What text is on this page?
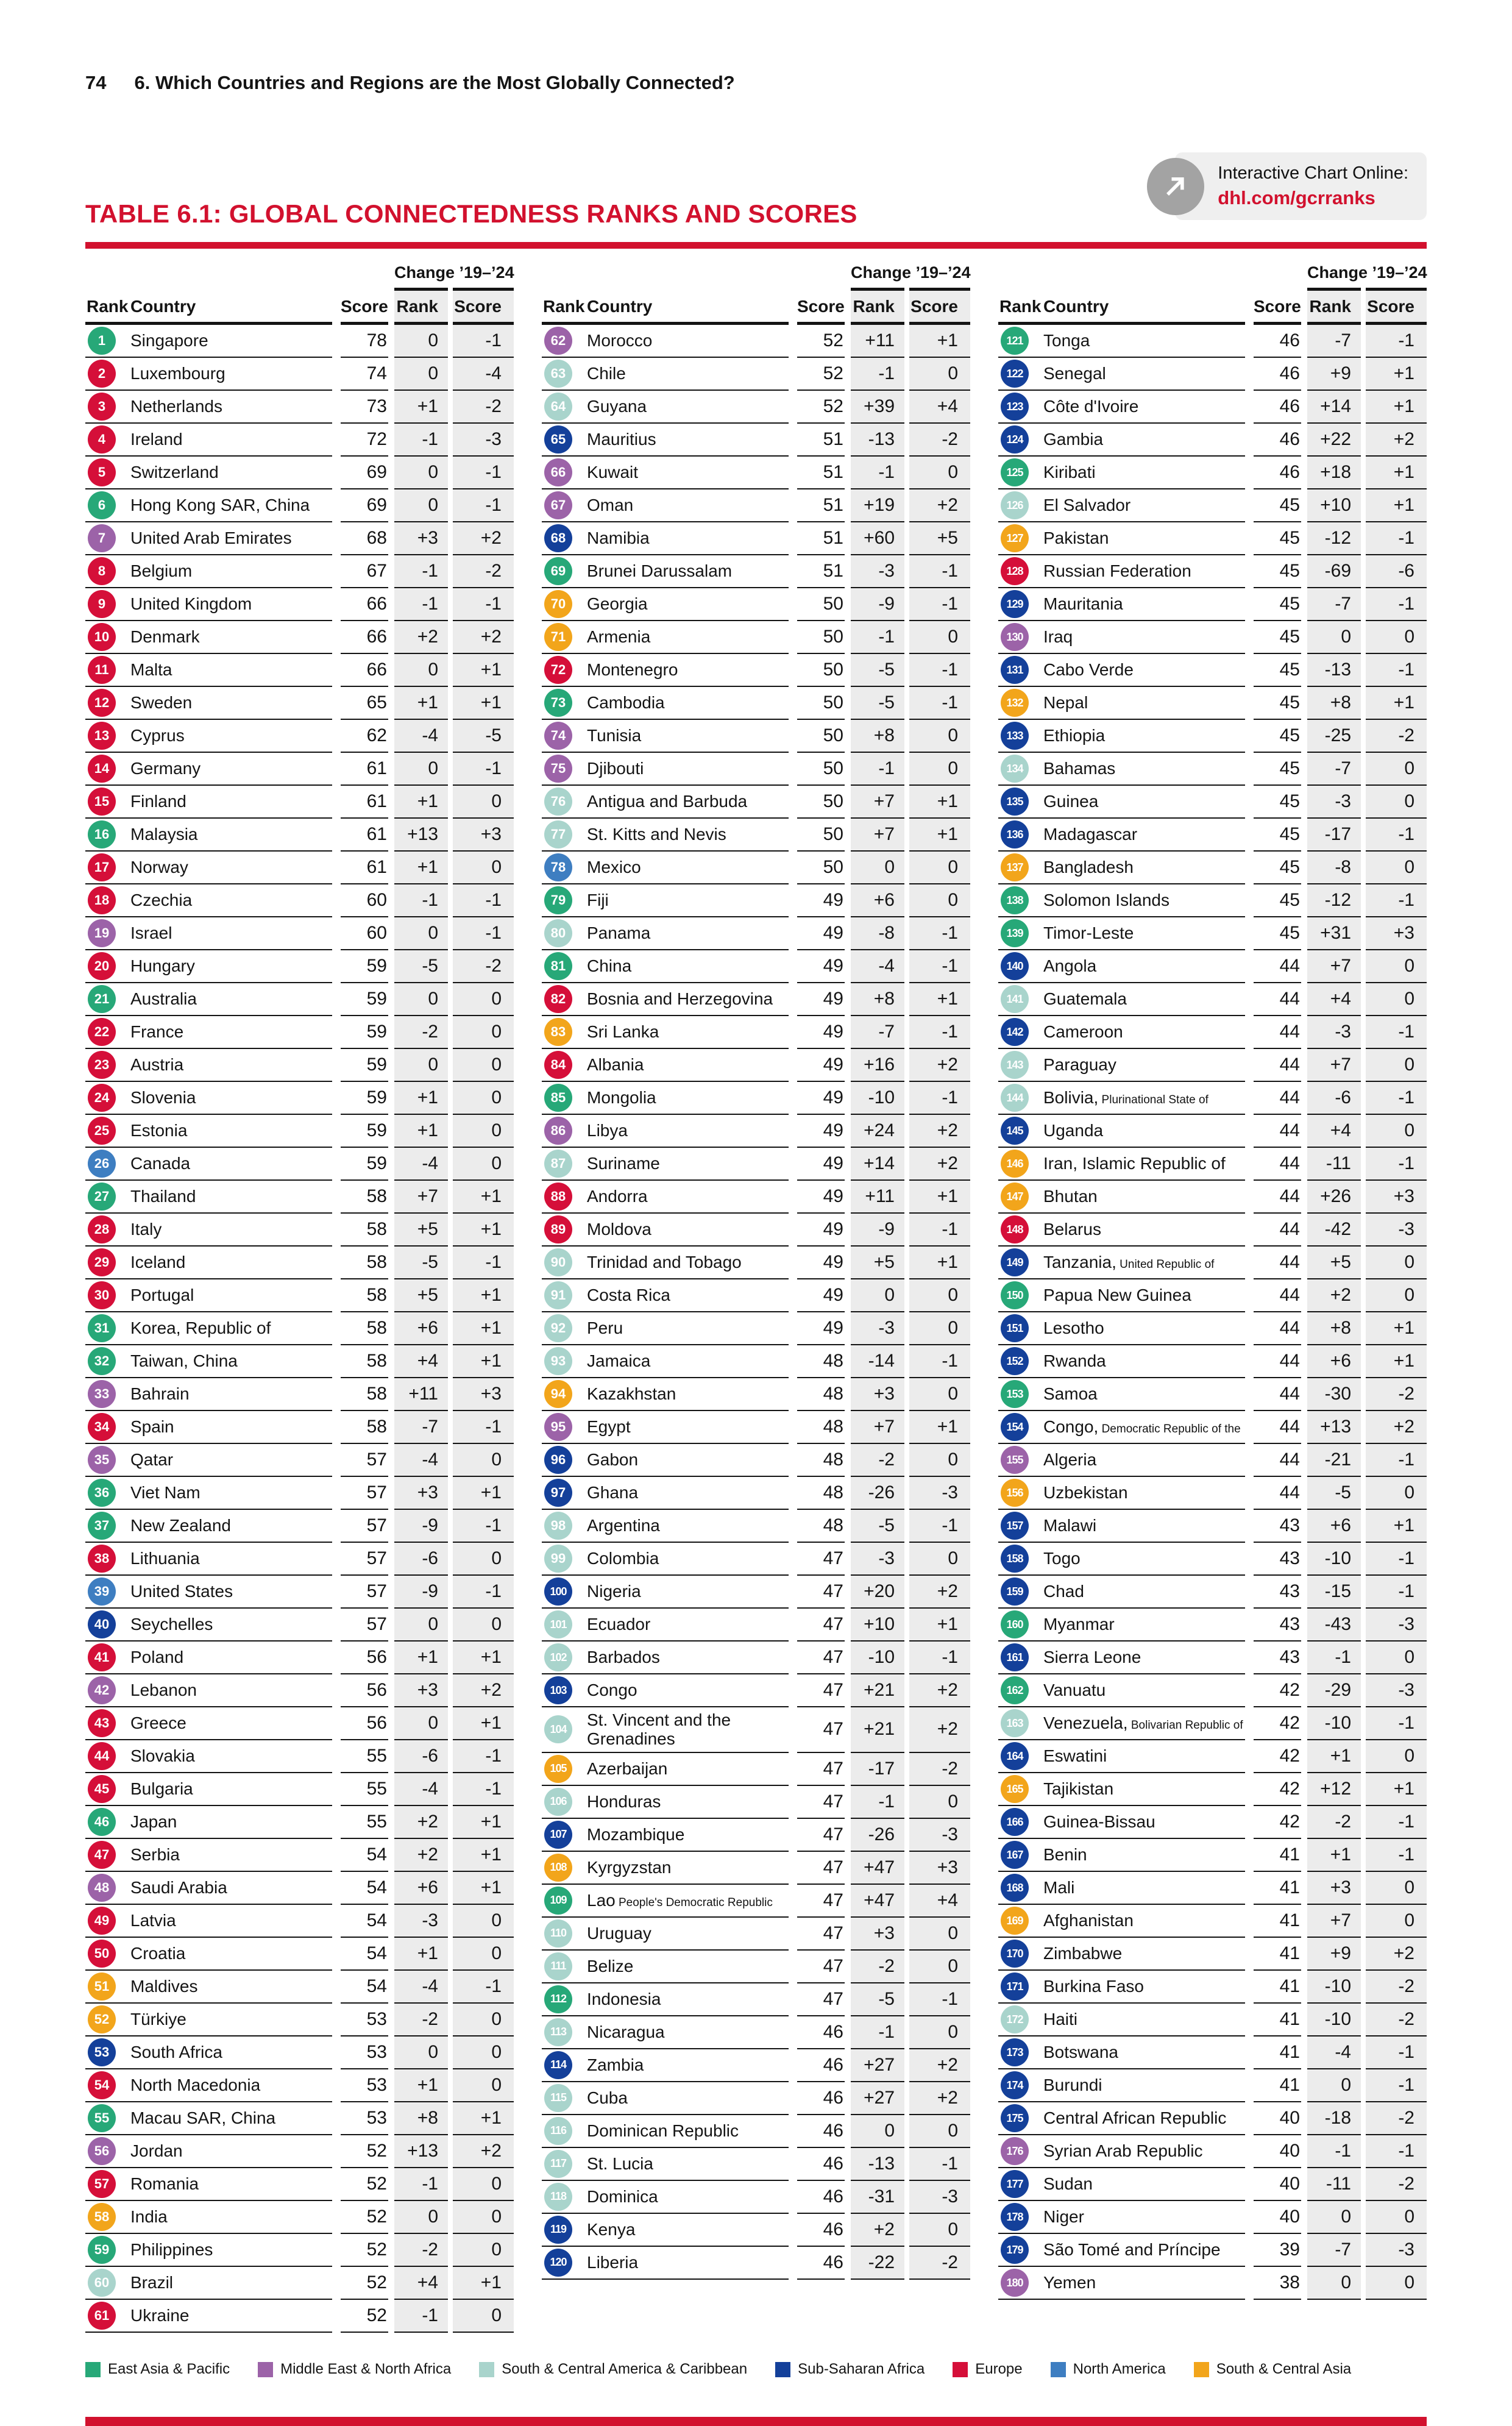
74 6. Which Countries and Regions are the Most Globally Connected?
TABLE 6.1: GLOBAL CONNECTEDNESS RANKS AND SCORES
Interactive Chart Online:
dhl.com/gcrranks
Change ’19–’24
Rank Country	Score Rank Score
1	Singapore	78	0	-1
2	Luxembourg	74	0	-4
3	Netherlands	73	+1	-2
4	Ireland	72	-1	-3
5	Switzerland	69	0	-1
6	Hong Kong SAR, China	69	0	-1
7	United Arab Emirates	68	+3	+2
8	Belgium	67	-1	-2
9	United Kingdom	66	-1	-1
10	Denmark	66	+2	+2
11	Malta	66	0	+1
12	Sweden	65	+1	+1
13	Cyprus	62	-4	-5
14	Germany	61	0	-1
15	Finland	61	+1	0
16	Malaysia	61	+13	+3
17	Norway	61	+1	0
18	Czechia	60	-1	-1
19	Israel	60	0	-1
20	Hungary	59	-5	-2
21	Australia	59	0	0
22	France	59	-2	0
23	Austria	59	0	0
24	Slovenia	59	+1	0
25	Estonia	59	+1	0
26	Canada	59	-4	0
27	Thailand	58	+7	+1
28	Italy	58	+5	+1
29	Iceland	58	-5	-1
30	Portugal	58	+5	+1
31	Korea, Republic of	58	+6	+1
32	Taiwan, China	58	+4	+1
33	Bahrain	58	+11	+3
34	Spain	58	-7	-1
35	Qatar	57	-4	0
36	Viet Nam	57	+3	+1
37	New Zealand	57	-9	-1
38	Lithuania	57	-6	0
39	United States	57	-9	-1
40	Seychelles	57	0	0
41	Poland	56	+1	+1
42	Lebanon	56	+3	+2
43	Greece	56	0	+1
44	Slovakia	55	-6	-1
45	Bulgaria	55	-4	-1
46	Japan	55	+2	+1
47	Serbia	54	+2	+1
48	Saudi Arabia	54	+6	+1
49	Latvia	54	-3	0
50	Croatia	54	+1	0
51	Maldives	54	-4	-1
52	Türkiye	53	-2	0
53	South Africa	53	0	0
54	North Macedonia	53	+1	0
55	Macau SAR, China	53	+8	+1
56	Jordan	52	+13	+2
57	Romania	52	-1	0
58	India	52	0	0
59	Philippines	52	-2	0
60	Brazil	52	+4	+1
61	Ukraine	52	-1	0
Change ’19–’24
Rank Country	Score Rank Score
62	Morocco	52	+11	+1
63	Chile	52	-1	0
64	Guyana	52	+39	+4
65	Mauritius	51	-13	-2
66	Kuwait	51	-1	0
67	Oman	51	+19	+2
68	Namibia	51	+60	+5
69	Brunei Darussalam	51	-3	-1
70	Georgia	50	-9	-1
71	Armenia	50	-1	0
72	Montenegro	50	-5	-1
73	Cambodia	50	-5	-1
74	Tunisia	50	+8	0
75	Djibouti	50	-1	0
76	Antigua and Barbuda	50	+7	+1
77	St. Kitts and Nevis	50	+7	+1
78	Mexico	50	0	0
79	Fiji	49	+6	0
80	Panama	49	-8	-1
81	China	49	-4	-1
82	Bosnia and Herzegovina	49	+8	+1
83	Sri Lanka	49	-7	-1
84	Albania	49	+16	+2
85	Mongolia	49	-10	-1
86	Libya	49	+24	+2
87	Suriname	49	+14	+2
88	Andorra	49	+11	+1
89	Moldova	49	-9	-1
90	Trinidad and Tobago	49	+5	+1
91	Costa Rica	49	0	0
92	Peru	49	-3	0
93	Jamaica	48	-14	-1
94	Kazakhstan	48	+3	0
95	Egypt	48	+7	+1
96	Gabon	48	-2	0
97	Ghana	48	-26	-3
98	Argentina	48	-5	-1
99	Colombia	47	-3	0
100	Nigeria	47	+20	+2
101	Ecuador	47	+10	+1
102	Barbados	47	-10	-1
103	Congo	47	+21	+2
104	St. Vincent and the Grenadines	47	+21	+2
105	Azerbaijan	47	-17	-2
106	Honduras	47	-1	0
107	Mozambique	47	-26	-3
108	Kyrgyzstan	47	+47	+3
109	Lao People's Democratic Republic	47	+47	+4
110	Uruguay	47	+3	0
111	Belize	47	-2	0
112	Indonesia	47	-5	-1
113	Nicaragua	46	-1	0
114	Zambia	46	+27	+2
115	Cuba	46	+27	+2
116	Dominican Republic	46	0	0
117	St. Lucia	46	-13	-1
118	Dominica	46	-31	-3
119	Kenya	46	+2	0
120	Liberia	46	-22	-2
Change ’19–’24
Rank Country	Score Rank Score
121	Tonga	46	-7	-1
122	Senegal	46	+9	+1
123	Côte d'Ivoire	46	+14	+1
124	Gambia	46	+22	+2
125	Kiribati	46	+18	+1
126	El Salvador	45	+10	+1
127	Pakistan	45	-12	-1
128	Russian Federation	45	-69	-6
129	Mauritania	45	-7	-1
130	Iraq	45	0	0
131	Cabo Verde	45	-13	-1
132	Nepal	45	+8	+1
133	Ethiopia	45	-25	-2
134	Bahamas	45	-7	0
135	Guinea	45	-3	0
136	Madagascar	45	-17	-1
137	Bangladesh	45	-8	0
138	Solomon Islands	45	-12	-1
139	Timor-Leste	45	+31	+3
140	Angola	44	+7	0
141	Guatemala	44	+4	0
142	Cameroon	44	-3	-1
143	Paraguay	44	+7	0
144	Bolivia, Plurinational State of	44	-6	-1
145	Uganda	44	+4	0
146	Iran, Islamic Republic of	44	-11	-1
147	Bhutan	44	+26	+3
148	Belarus	44	-42	-3
149	Tanzania, United Republic of	44	+5	0
150	Papua New Guinea	44	+2	0
151	Lesotho	44	+8	+1
152	Rwanda	44	+6	+1
153	Samoa	44	-30	-2
154	Congo, Democratic Republic of the	44	+13	+2
155	Algeria	44	-21	-1
156	Uzbekistan	44	-5	0
157	Malawi	43	+6	+1
158	Togo	43	-10	-1
159	Chad	43	-15	-1
160	Myanmar	43	-43	-3
161	Sierra Leone	43	-1	0
162	Vanuatu	42	-29	-3
163	Venezuela, Bolivarian Republic of	42	-10	-1
164	Eswatini	42	+1	0
165	Tajikistan	42	+12	+1
166	Guinea-Bissau	42	-2	-1
167	Benin	41	+1	-1
168	Mali	41	+3	0
169	Afghanistan	41	+7	0
170	Zimbabwe	41	+9	+2
171	Burkina Faso	41	-10	-2
172	Haiti	41	-10	-2
173	Botswana	41	-4	-1
174	Burundi	41	0	-1
175	Central African Republic	40	-18	-2
176	Syrian Arab Republic	40	-1	-1
177	Sudan	40	-11	-2
178	Niger	40	0	0
179	São Tomé and Príncipe	39	-7	-3
180	Yemen	38	0	0
East Asia & Pacific	Middle East & North Africa	South & Central America & Caribbean	Sub-Saharan Africa	Europe	North America	South & Central Asia
